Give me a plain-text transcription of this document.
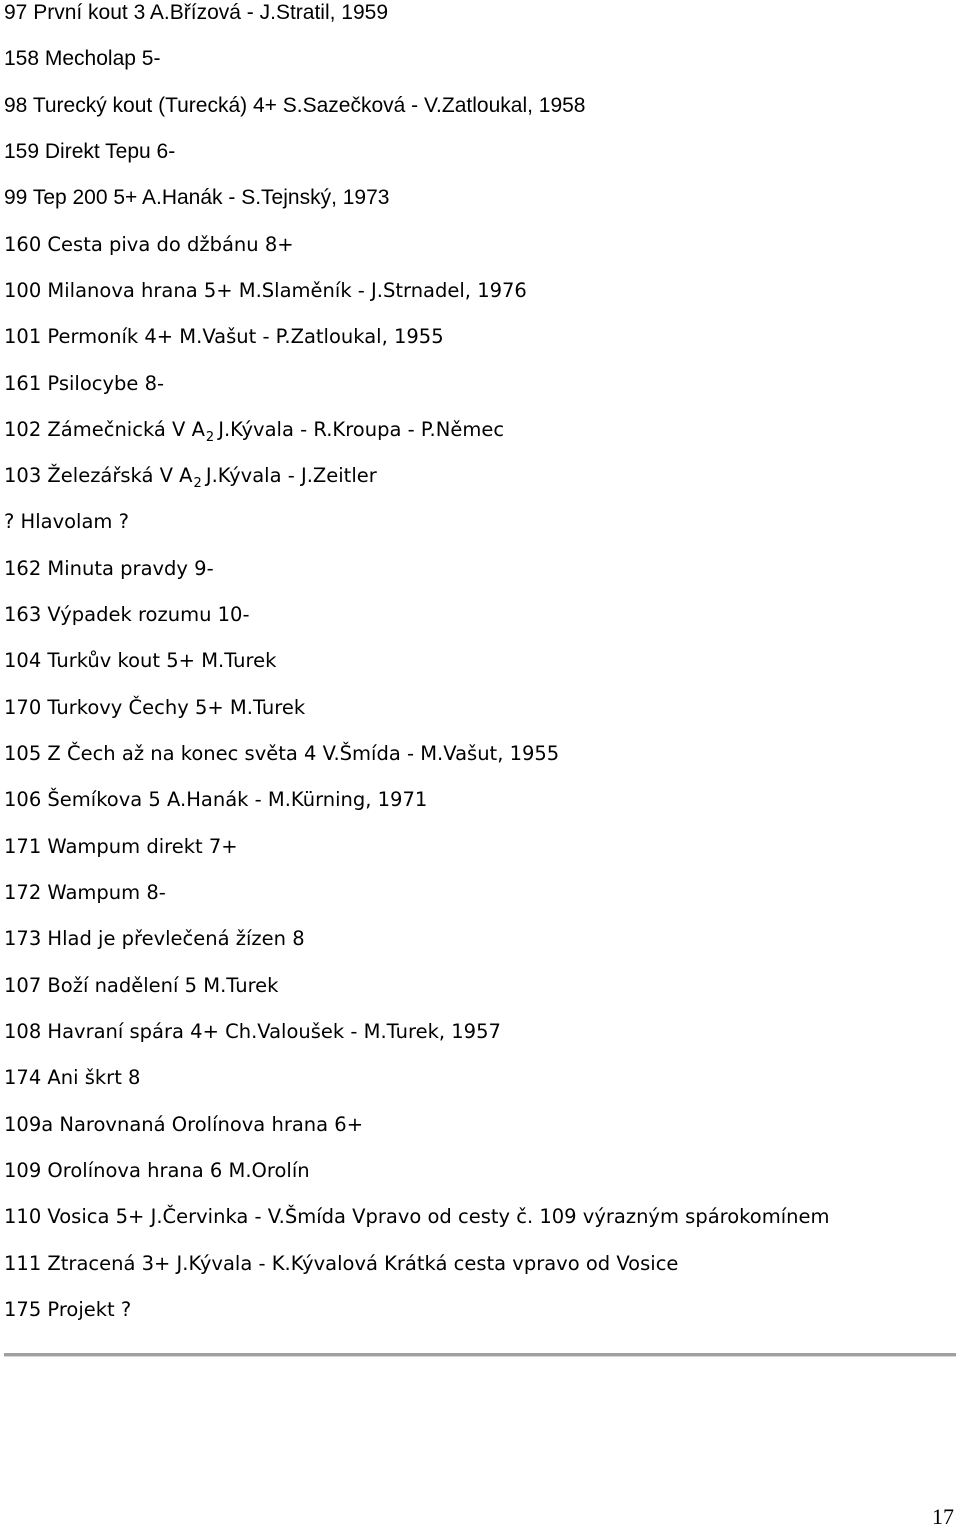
97 První kout 3 A.Břízová - J.Stratil, 1959
158 Mecholap 5-
98 Turecký kout (Turecká) 4+ S.Sazečková - V.Zatloukal, 1958
159 Direkt Tepu 6-
99 Tep 200 5+ A.Hanák - S.Tejnský, 1973
160 Cesta piva do džbánu 8+
100 Milanova hrana 5+ M.Slaměník - J.Strnadel, 1976
101 Permoník 4+ M.Vašut - P.Zatloukal, 1955
161 Psilocybe 8-
102 Zámečnická V $A_2$ J.Kývala - R.Kroupa - P.Němec
103 Železářská V $A_2$ J.Kývala - J.Zeitler
? Hlavolam ?
162 Minuta pravdy 9-
163 Výpadek rozumu 10-
104 Turkův kout 5+ M.Turek
170 Turkovy Čechy 5+ M.Turek
105 Z Čech až na konec světa 4 V.Šmída - M.Vašut, 1955
106 Šemíkova 5 A.Hanák - M.Kürning, 1971
171 Wampum direkt 7+
172 Wampum 8-
173 Hlad je převlečená žízen 8
107 Boží nadělení 5 M.Turek
108 Havraní spára 4+ Ch.Valoušek - M.Turek, 1957
174 Ani škrt 8
109a Narovnaná Orolínova hrana 6+
109 Orolínova hrana 6 M.Orolín
110 Vosica 5+ J.Červinka - V.Šmída Vpravo od cesty č. 109 výrazným spárokomínem
111 Ztracená 3+ J.Kývala - K.Kývalová Krátká cesta vpravo od Vosice
175 Projekt ?
17
